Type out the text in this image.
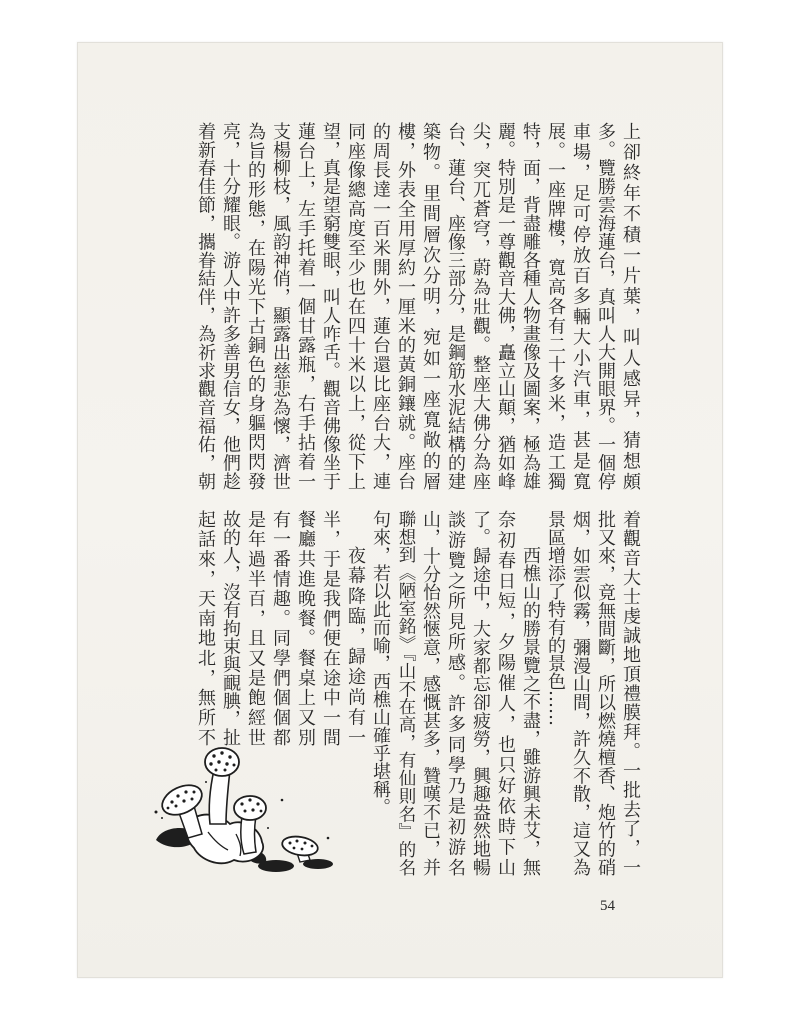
上卻終年不積一片葉，叫人感异，猜想頗
多。覽勝雲海蓮台，真叫人大開眼界。一個停
車場，足可停放百多輛大小汽車，甚是寬
展。一座牌樓，寬高各有二十多米，造工獨
特，面，背盡雕各種人物畫像及圖案，極為雄
麗。特別是一尊觀音大佛，矗立山顛，猶如峰
尖，突兀蒼穹，蔚為壯觀。整座大佛分為座
台、蓮台、座像三部分，是鋼筋水泥結構的建
築物。里間層次分明，宛如一座寬敞的層
樓，外表全用厚約一厘米的黃銅鑲就。座台
的周長達一百米開外，蓮台還比座台大，連
同座像總高度至少也在四十米以上，從下上
望，真是望窮雙眼，叫人咋舌。觀音佛像坐于
蓮台上，左手托着一個甘露瓶，右手拈着一
支楊柳枝，風韵神俏，顯露出慈悲為懷，濟世
為旨的形態，在陽光下古銅色的身軀閃閃發
亮，十分耀眼。游人中許多善男信女，他們趁
着新春佳節，攜眷結伴，為祈求觀音福佑，朝
着觀音大士虔誠地頂禮膜拜。一批去了，一
批又來，竟無間斷，所以燃燒檀香、炮竹的硝
烟，如雲似霧，彌漫山間，許久不散，這又為
景區增添了特有的景色……
西樵山的勝景覽之不盡，雖游興未艾，無
奈初春日短，夕陽催人，也只好依時下山
了。歸途中，大家都忘卻疲勞，興趣盎然地暢
談游覽之所見所感。許多同學乃是初游名
山，十分怡然愜意，感慨甚多，贊嘆不已，并
聯想到《陋室銘》『山不在高，有仙則名』的名
句來，若以此而喻，西樵山確乎堪稱。
夜幕降臨，歸途尚有一
半，于是我們便在途中一間
餐廳共進晚餐。餐桌上又別
有一番情趣。同學們個個都
是年過半百，且又是飽經世
故的人，沒有拘束與靦腆，扯
起話來，天南地北，無所不
54
